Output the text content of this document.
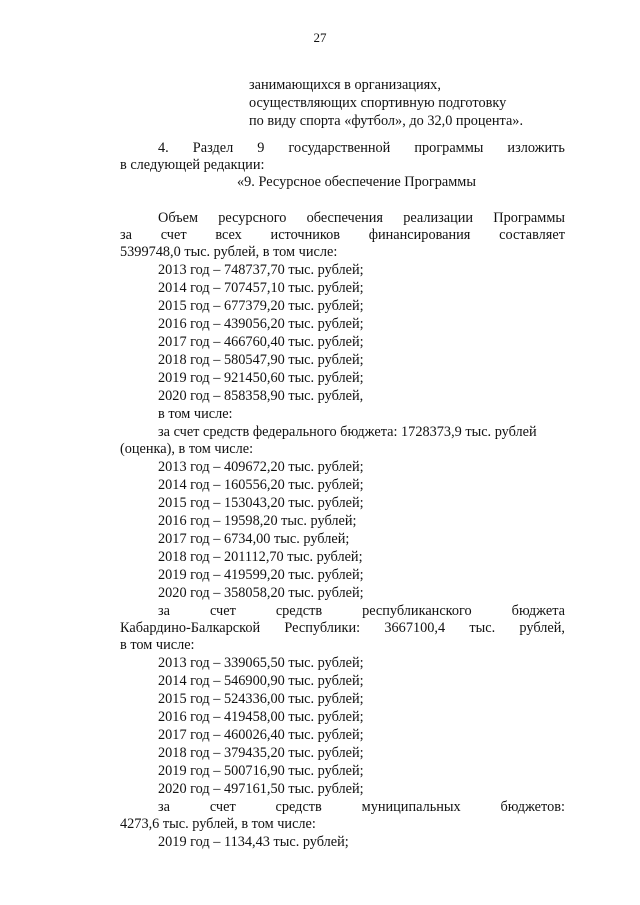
27
занимающихся в организациях,
осуществляющих спортивную подготовку
по виду спорта «футбол», до 32,0 процента».
4. Раздел 9 государственной программы изложить
в следующей редакции:
«9. Ресурсное обеспечение Программы
Объем ресурсного обеспечения реализации Программы
за счет всех источников финансирования составляет
5399748,0 тыс. рублей, в том числе:
2013 год – 748737,70 тыс. рублей;
2014 год – 707457,10 тыс. рублей;
2015 год – 677379,20 тыс. рублей;
2016 год – 439056,20 тыс. рублей;
2017 год – 466760,40 тыс. рублей;
2018 год – 580547,90 тыс. рублей;
2019 год – 921450,60 тыс. рублей;
2020 год – 858358,90 тыс. рублей,
в том числе:
за счет средств федерального бюджета: 1728373,9 тыс. рублей
(оценка), в том числе:
2013 год – 409672,20 тыс. рублей;
2014 год – 160556,20 тыс. рублей;
2015 год – 153043,20 тыс. рублей;
2016 год – 19598,20 тыс. рублей;
2017 год – 6734,00 тыс. рублей;
2018 год – 201112,70 тыс. рублей;
2019 год – 419599,20 тыс. рублей;
2020 год – 358058,20 тыс. рублей;
за	счет	средств	республиканского	бюджета
Кабардино-Балкарской Республики: 3667100,4 тыс. рублей,
в том числе:
2013 год – 339065,50 тыс. рублей;
2014 год – 546900,90 тыс. рублей;
2015 год – 524336,00 тыс. рублей;
2016 год – 419458,00 тыс. рублей;
2017 год – 460026,40 тыс. рублей;
2018 год – 379435,20 тыс. рублей;
2019 год – 500716,90 тыс. рублей;
2020 год – 497161,50 тыс. рублей;
за	счет	средств	муниципальных	бюджетов:
4273,6 тыс. рублей, в том числе:
2019 год – 1134,43 тыс. рублей;
